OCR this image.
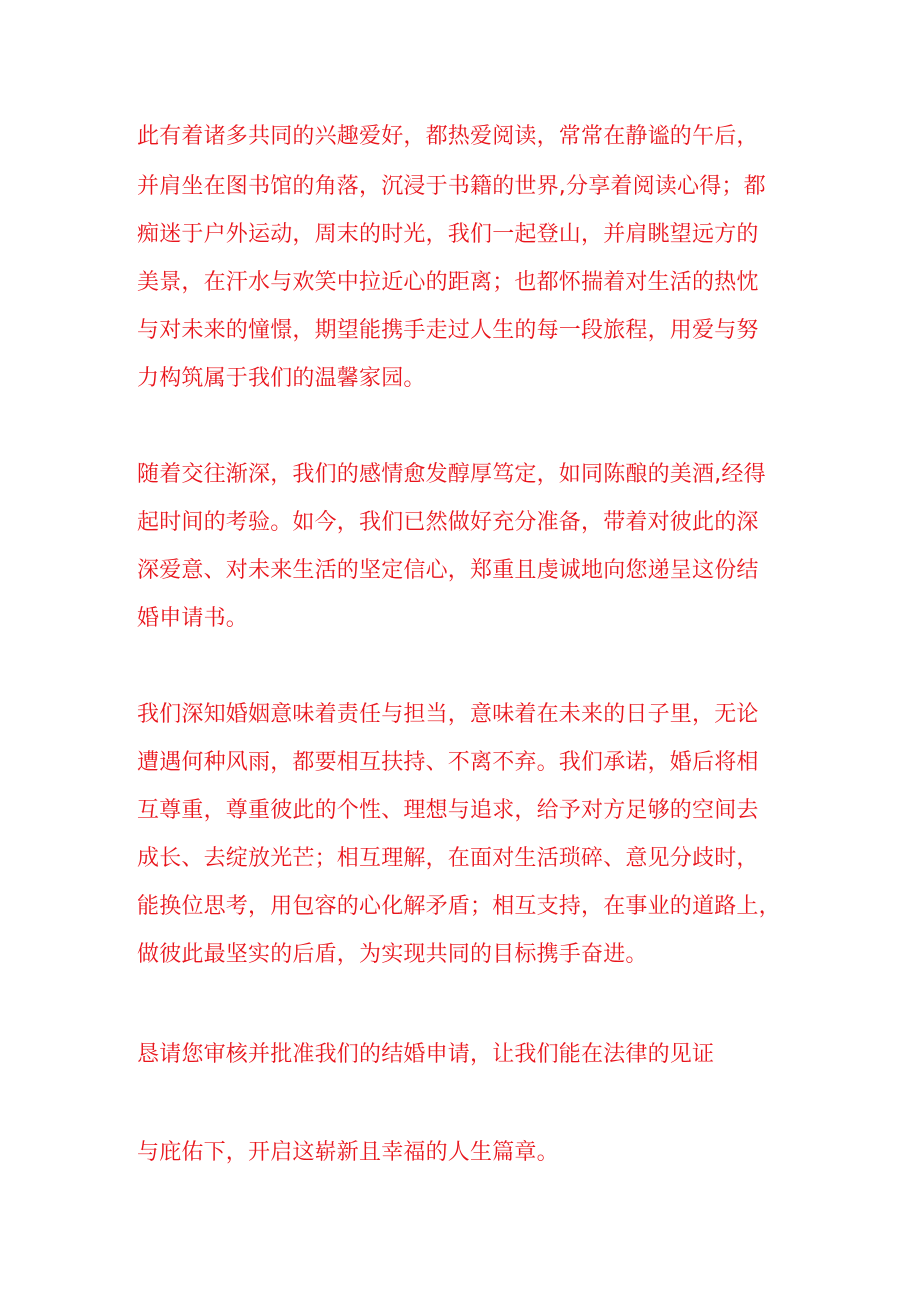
此有着诸多共同的兴趣爱好，都热爱阅读，常常在静谧的午后，
并肩坐在图书馆的角落，沉浸于书籍的世界,分享着阅读心得；都
痴迷于户外运动，周末的时光，我们一起登山，并肩眺望远方的
美景，在汗水与欢笑中拉近心的距离；也都怀揣着对生活的热忱
与对未来的憧憬，期望能携手走过人生的每一段旅程，用爱与努
力构筑属于我们的温馨家园。
随着交往渐深，我们的感情愈发醇厚笃定，如同陈酿的美酒,经得
起时间的考验。如今，我们已然做好充分准备，带着对彼此的深
深爱意、对未来生活的坚定信心，郑重且虔诚地向您递呈这份结
婚申请书。
我们深知婚姻意味着责任与担当，意味着在未来的日子里，无论
遭遇何种风雨，都要相互扶持、不离不弃。我们承诺，婚后将相
互尊重，尊重彼此的个性、理想与追求，给予对方足够的空间去
成长、去绽放光芒；相互理解，在面对生活琐碎、意见分歧时，
能换位思考，用包容的心化解矛盾；相互支持，在事业的道路上，
做彼此最坚实的后盾，为实现共同的目标携手奋进。
恳请您审核并批准我们的结婚申请，让我们能在法律的见证
与庇佑下，开启这崭新且幸福的人生篇章。
